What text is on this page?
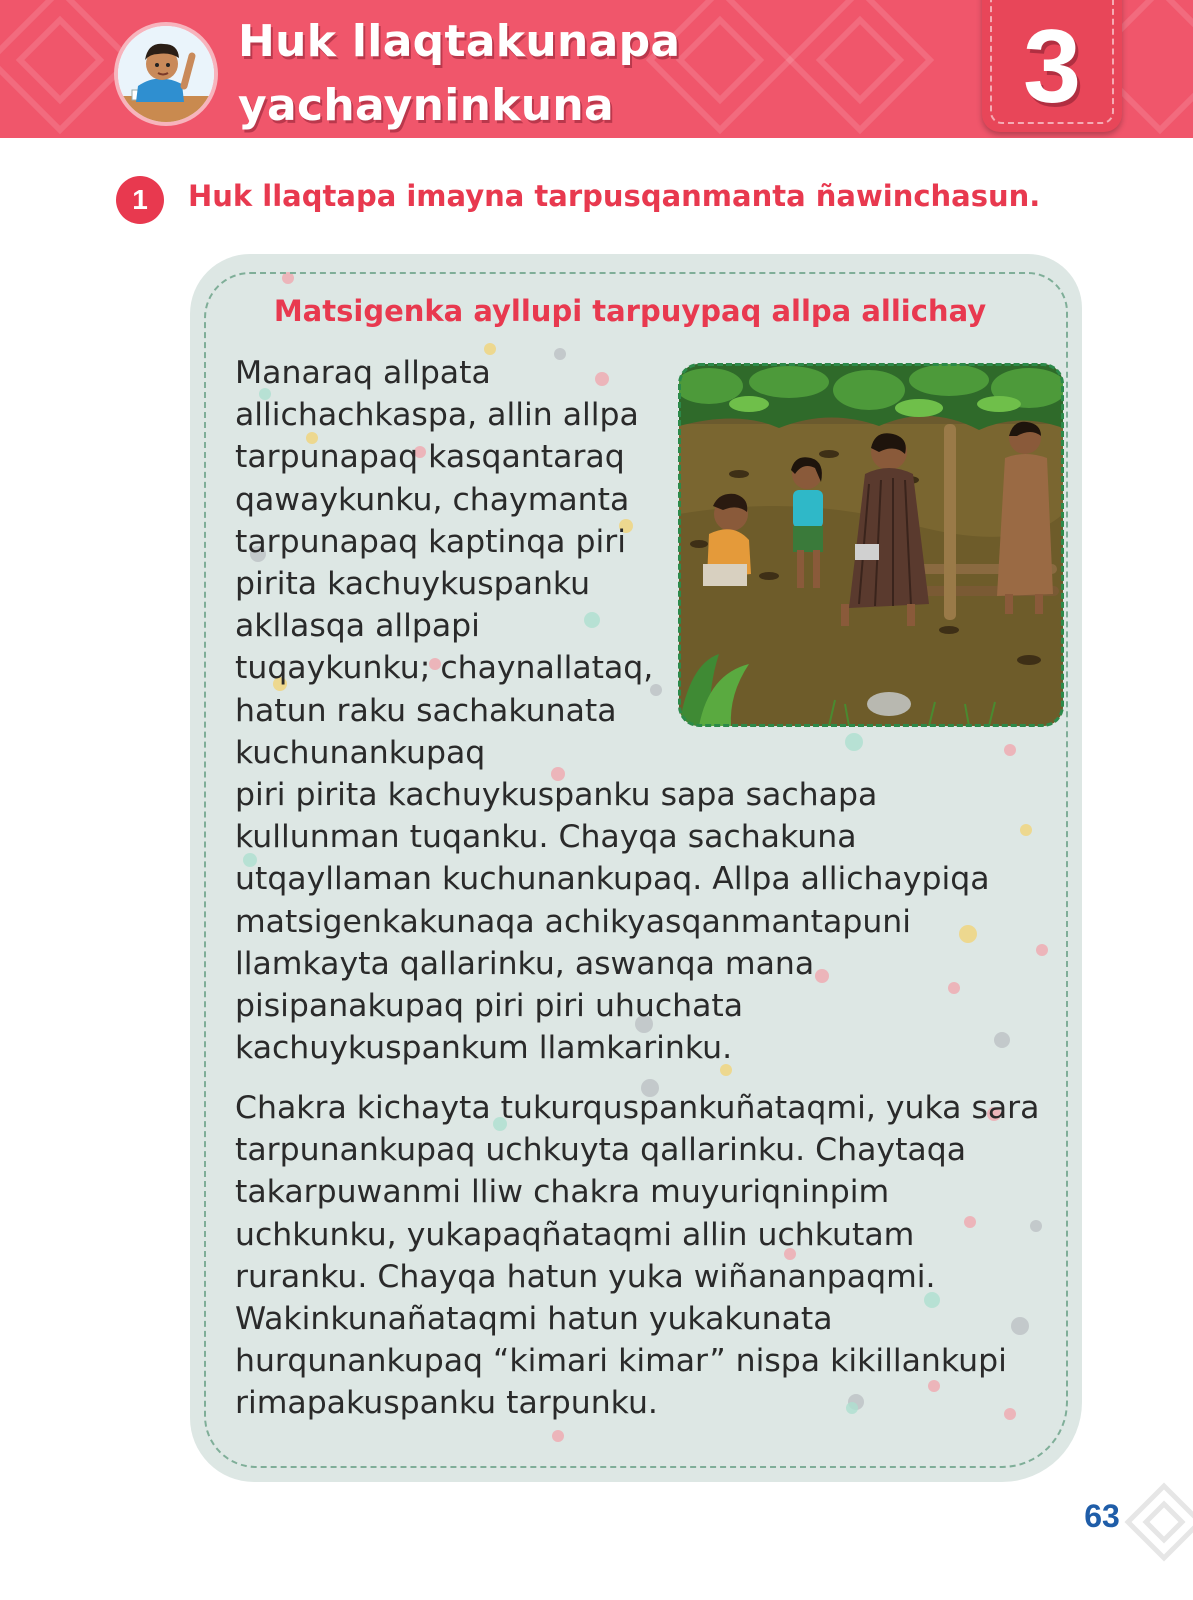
Huk llaqtakunapa
yachayninkuna	3
1	Huk llaqtapa imayna tarpusqanmanta ñawinchasun.

Matsigenka ayllupi tarpuypaq allpa allichay

Manaraq allpata
allichachkaspa, allin allpa
tarpunapaq kasqantaraq
qawaykunku, chaymanta
tarpunapaq kaptinqa piri
pirita kachuykuspanku
akllasqa allpapi
tuqaykunku; chaynallataq,
hatun raku sachakunata
kuchunankupaq
piri pirita kachuykuspanku sapa sachapa
kullunman tuqanku. Chayqa sachakuna
utqayllaman kuchunankupaq. Allpa allichaypiqa
matsigenkakunaqa achikyasqanmantapuni
llamkayta qallarinku, aswanqa mana
pisipanakupaq piri piri uhuchata
kachuykuspankum llamkarinku.

Chakra kichayta tukurquspankuñataqmi, yuka sara
tarpunankupaq uchkuyta qallarinku. Chaytaqa
takarpuwanmi lliw chakra muyuriqninpim
uchkunku, yukapaqñataqmi allin uchkutam
ruranku. Chayqa hatun yuka wiñananpaqmi.
Wakinkunañataqmi hatun yukakunata
hurqunankupaq “kimari kimar” nispa kikillankupi
rimapakuspanku tarpunku.

63
